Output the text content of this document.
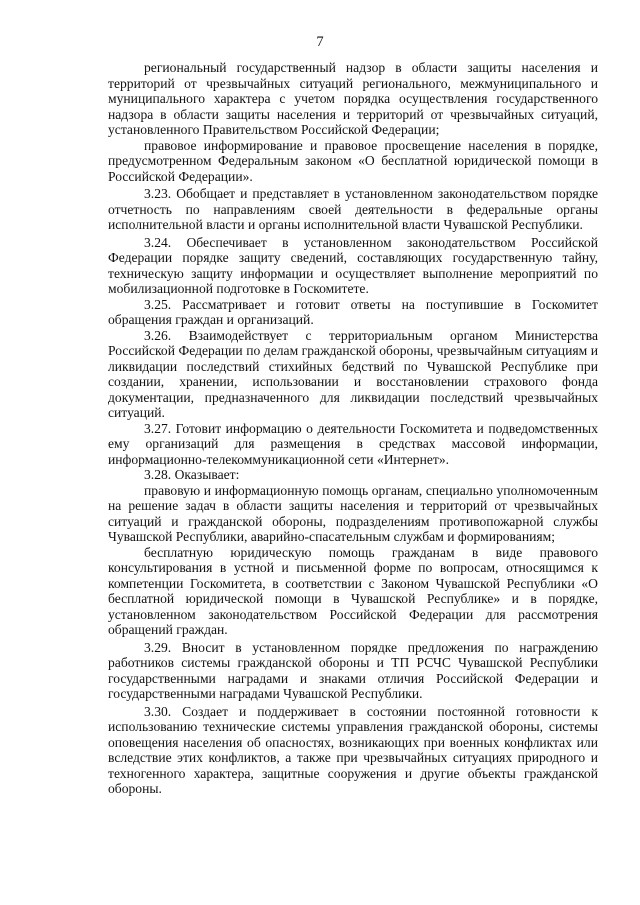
7

региональный государственный надзор в области защиты населения и территорий от чрезвычайных ситуаций регионального, межмуниципального и муниципального характера с учетом порядка осуществления государственного надзора в области защиты населения и территорий от чрезвычайных ситуаций, установленного Правительством Российской Федерации;

правовое информирование и правовое просвещение населения в порядке, предусмотренном Федеральным законом «О бесплатной юридической помощи в Российской Федерации».

3.23. Обобщает и представляет в установленном законодательством порядке отчетность по направлениям своей деятельности в федеральные органы исполнительной власти и органы исполнительной власти Чувашской Республики.

3.24. Обеспечивает в установленном законодательством Российской Федерации порядке защиту сведений, составляющих государственную тайну, техническую защиту информации и осуществляет выполнение мероприятий по мобилизационной подготовке в Госкомитете.

3.25. Рассматривает и готовит ответы на поступившие в Госкомитет обращения граждан и организаций.

3.26. Взаимодействует с территориальным органом Министерства Российской Федерации по делам гражданской обороны, чрезвычайным ситуациям и ликвидации последствий стихийных бедствий по Чувашской Республике при создании, хранении, использовании и восстановлении страхового фонда документации, предназначенного для ликвидации последствий чрезвычайных ситуаций.

3.27. Готовит информацию о деятельности Госкомитета и подведомственных ему организаций для размещения в средствах массовой информации, информационно-телекоммуникационной сети «Интернет».

3.28. Оказывает:

правовую и информационную помощь органам, специально уполномоченным на решение задач в области защиты населения и территорий от чрезвычайных ситуаций и гражданской обороны, подразделениям противопожарной службы Чувашской Республики, аварийно-спасательным службам и формированиям;

бесплатную юридическую помощь гражданам в виде правового консультирования в устной и письменной форме по вопросам, относящимся к компетенции Госкомитета, в соответствии с Законом Чувашской Республики «О бесплатной юридической помощи в Чувашской Республике» и в порядке, установленном законодательством Российской Федерации для рассмотрения обращений граждан.

3.29. Вносит в установленном порядке предложения по награждению работников системы гражданской обороны и ТП РСЧС Чувашской Республики государственными наградами и знаками отличия Российской Федерации и государственными наградами Чувашской Республики.

3.30. Создает и поддерживает в состоянии постоянной готовности к использованию технические системы управления гражданской обороны, системы оповещения населения об опасностях, возникающих при военных конфликтах или вследствие этих конфликтов, а также при чрезвычайных ситуациях природного и техногенного характера, защитные сооружения и другие объекты гражданской обороны.
